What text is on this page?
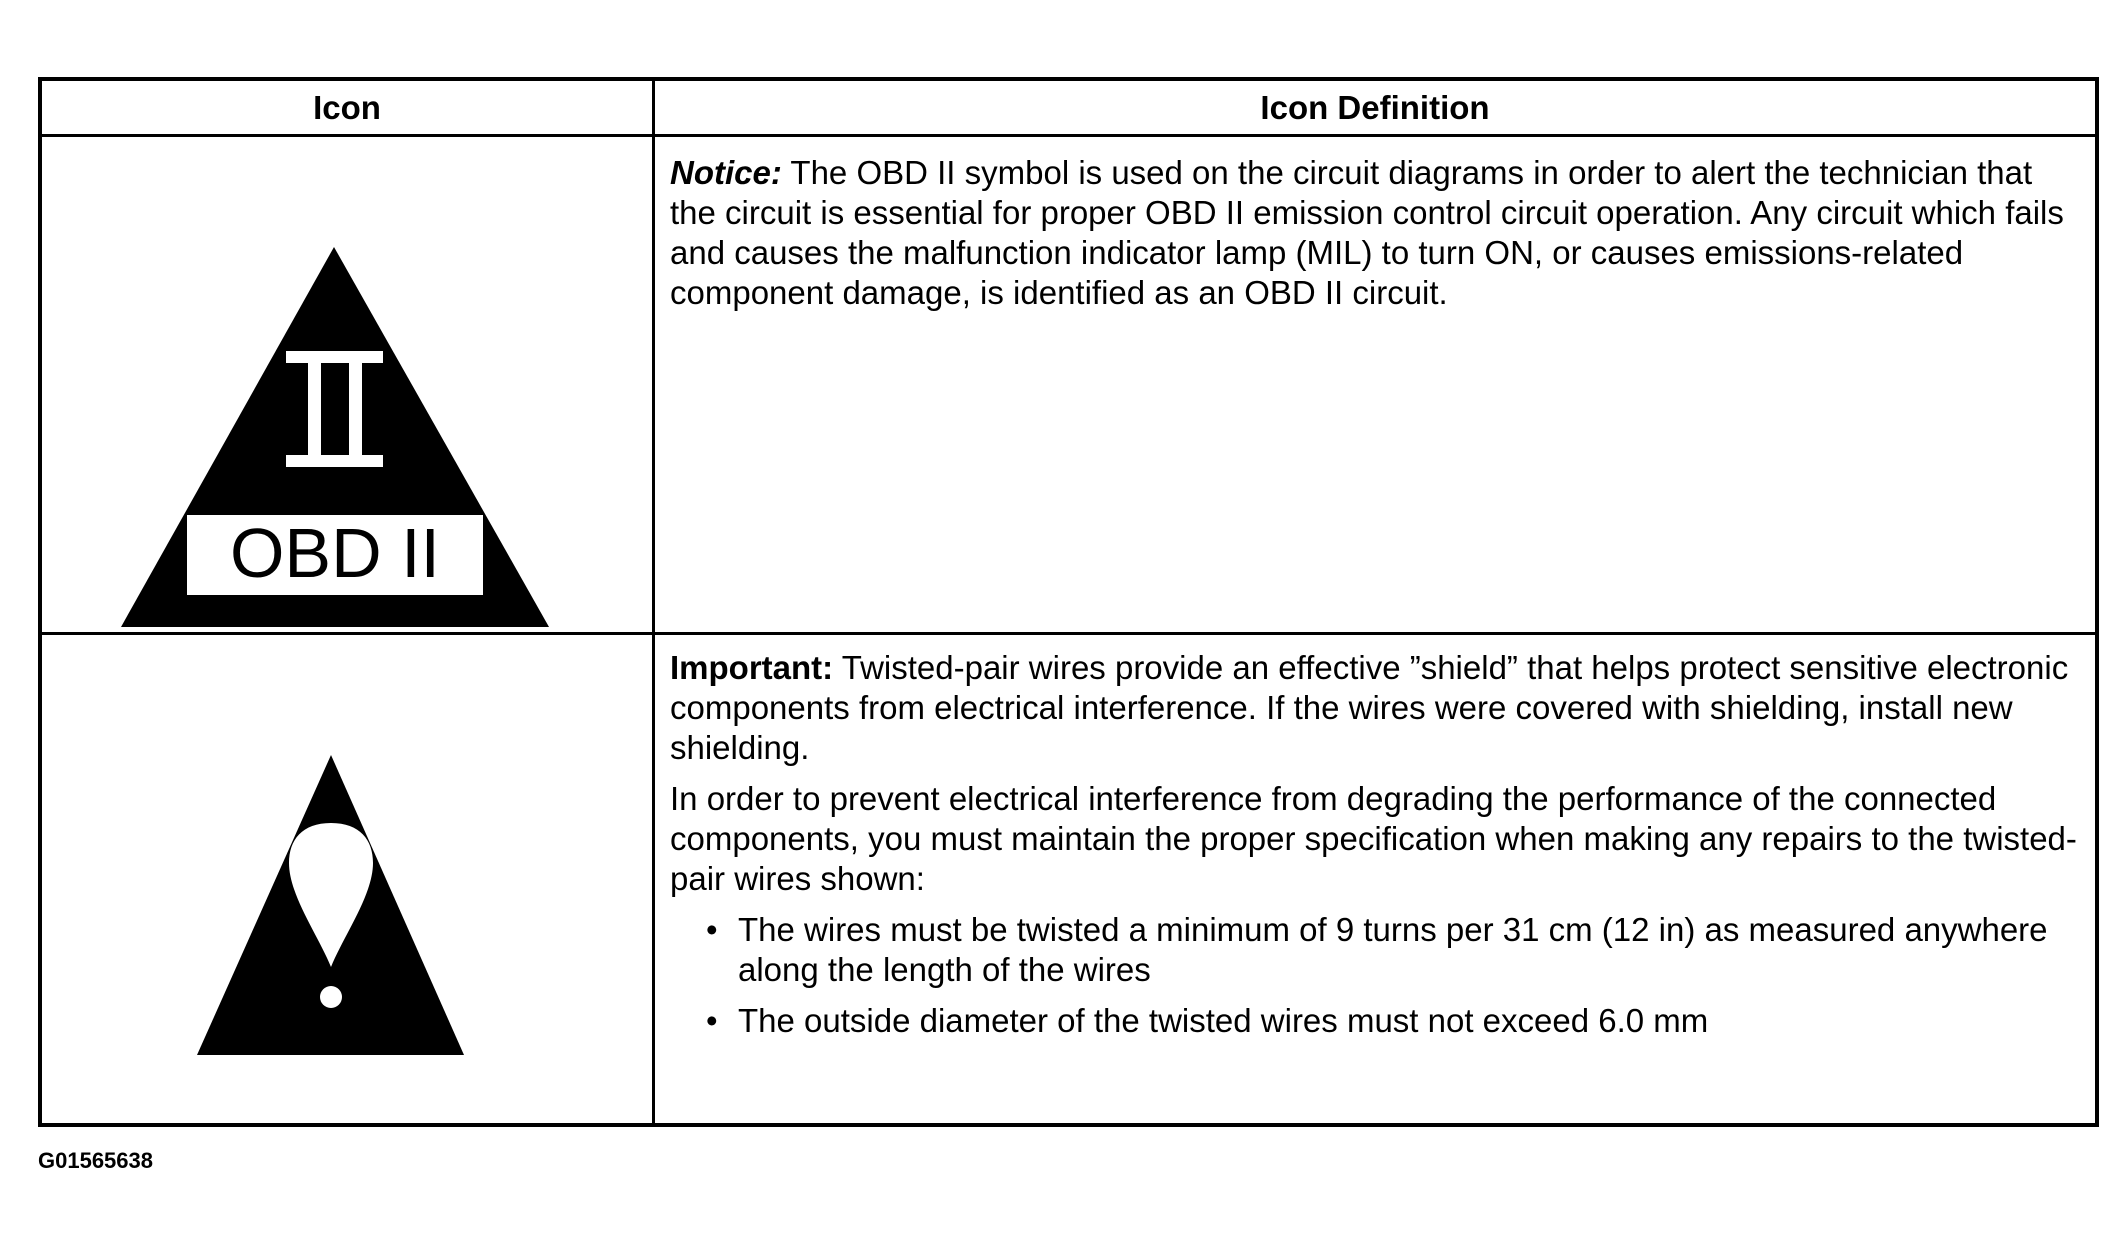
Icon	Icon Definition
OBD II

Notice: The OBD II symbol is used on the circuit diagrams in order to alert the technician that the circuit is essential for proper OBD II emission control circuit operation. Any circuit which fails and causes the malfunction indicator lamp (MIL) to turn ON, or causes emissions-related component damage, is identified as an OBD II circuit.

Important: Twisted-pair wires provide an effective ”shield” that helps protect sensitive electronic components from electrical interference. If the wires were covered with shielding, install new shielding.

In order to prevent electrical interference from degrading the performance of the connected components, you must maintain the proper specification when making any repairs to the twisted-pair wires shown:

• The wires must be twisted a minimum of 9 turns per 31 cm (12 in) as measured anywhere along the length of the wires
• The outside diameter of the twisted wires must not exceed 6.0 mm
G01565638
